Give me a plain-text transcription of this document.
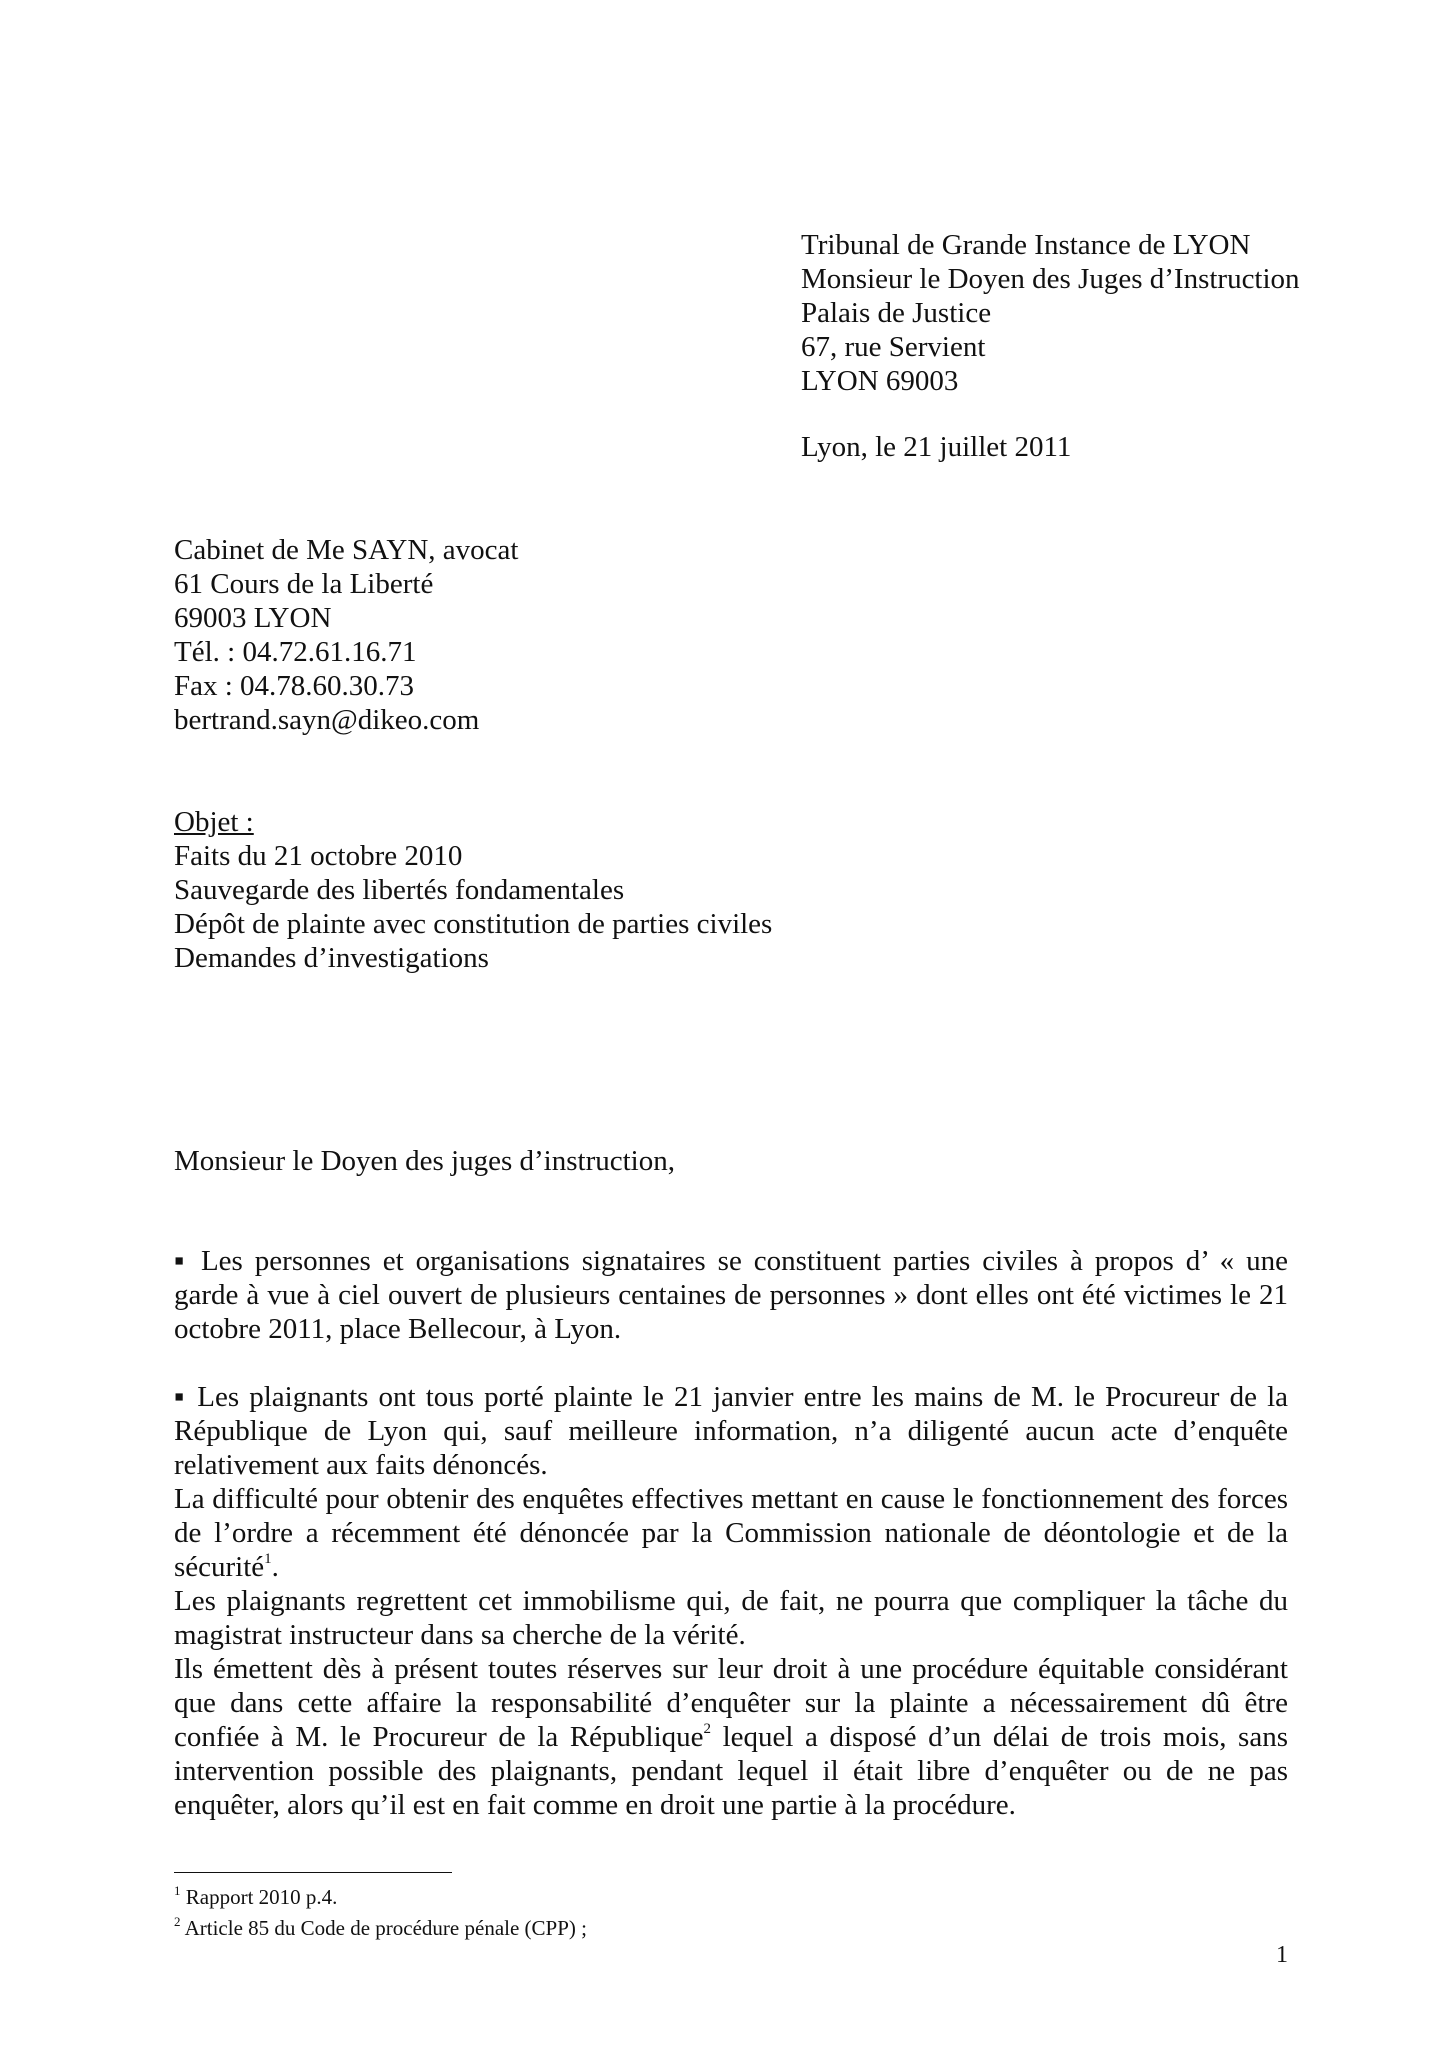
Tribunal de Grande Instance de LYON
Monsieur le Doyen des Juges d’Instruction
Palais de Justice
67, rue Servient
LYON 69003
Lyon, le 21 juillet 2011
Cabinet de Me SAYN, avocat
61 Cours de la Liberté
69003 LYON
Tél. : 04.72.61.16.71
Fax : 04.78.60.30.73
bertrand.sayn@dikeo.com
Objet :
Faits du 21 octobre 2010
Sauvegarde des libertés fondamentales
Dépôt de plainte avec constitution de parties civiles
Demandes d’investigations
Monsieur le Doyen des juges d’instruction,

▪ Les personnes et organisations signataires se constituent parties civiles à propos d’ « une garde à vue à ciel ouvert de plusieurs centaines de personnes » dont elles ont été victimes le 21 octobre 2011, place Bellecour, à Lyon.

▪ Les plaignants ont tous porté plainte le 21 janvier entre les mains de M. le Procureur de la République de Lyon qui, sauf meilleure information, n’a diligenté aucun acte d’enquête relativement aux faits dénoncés.

La difficulté pour obtenir des enquêtes effectives mettant en cause le fonctionnement des forces de l’ordre a récemment été dénoncée par la Commission nationale de déontologie et de la sécurité$^1$.

Les plaignants regrettent cet immobilisme qui, de fait, ne pourra que compliquer la tâche du magistrat instructeur dans sa cherche de la vérité.

Ils émettent dès à présent toutes réserves sur leur droit à une procédure équitable considérant que dans cette affaire la responsabilité d’enquêter sur la plainte a nécessairement dû être confiée à M. le Procureur de la République$^2$ lequel a disposé d’un délai de trois mois, sans intervention possible des plaignants, pendant lequel il était libre d’enquêter ou de ne pas enquêter, alors qu’il est en fait comme en droit une partie à la procédure.

$^1$ Rapport 2010 p.4.
$^2$ Article 85 du Code de procédure pénale (CPP) ;
1
